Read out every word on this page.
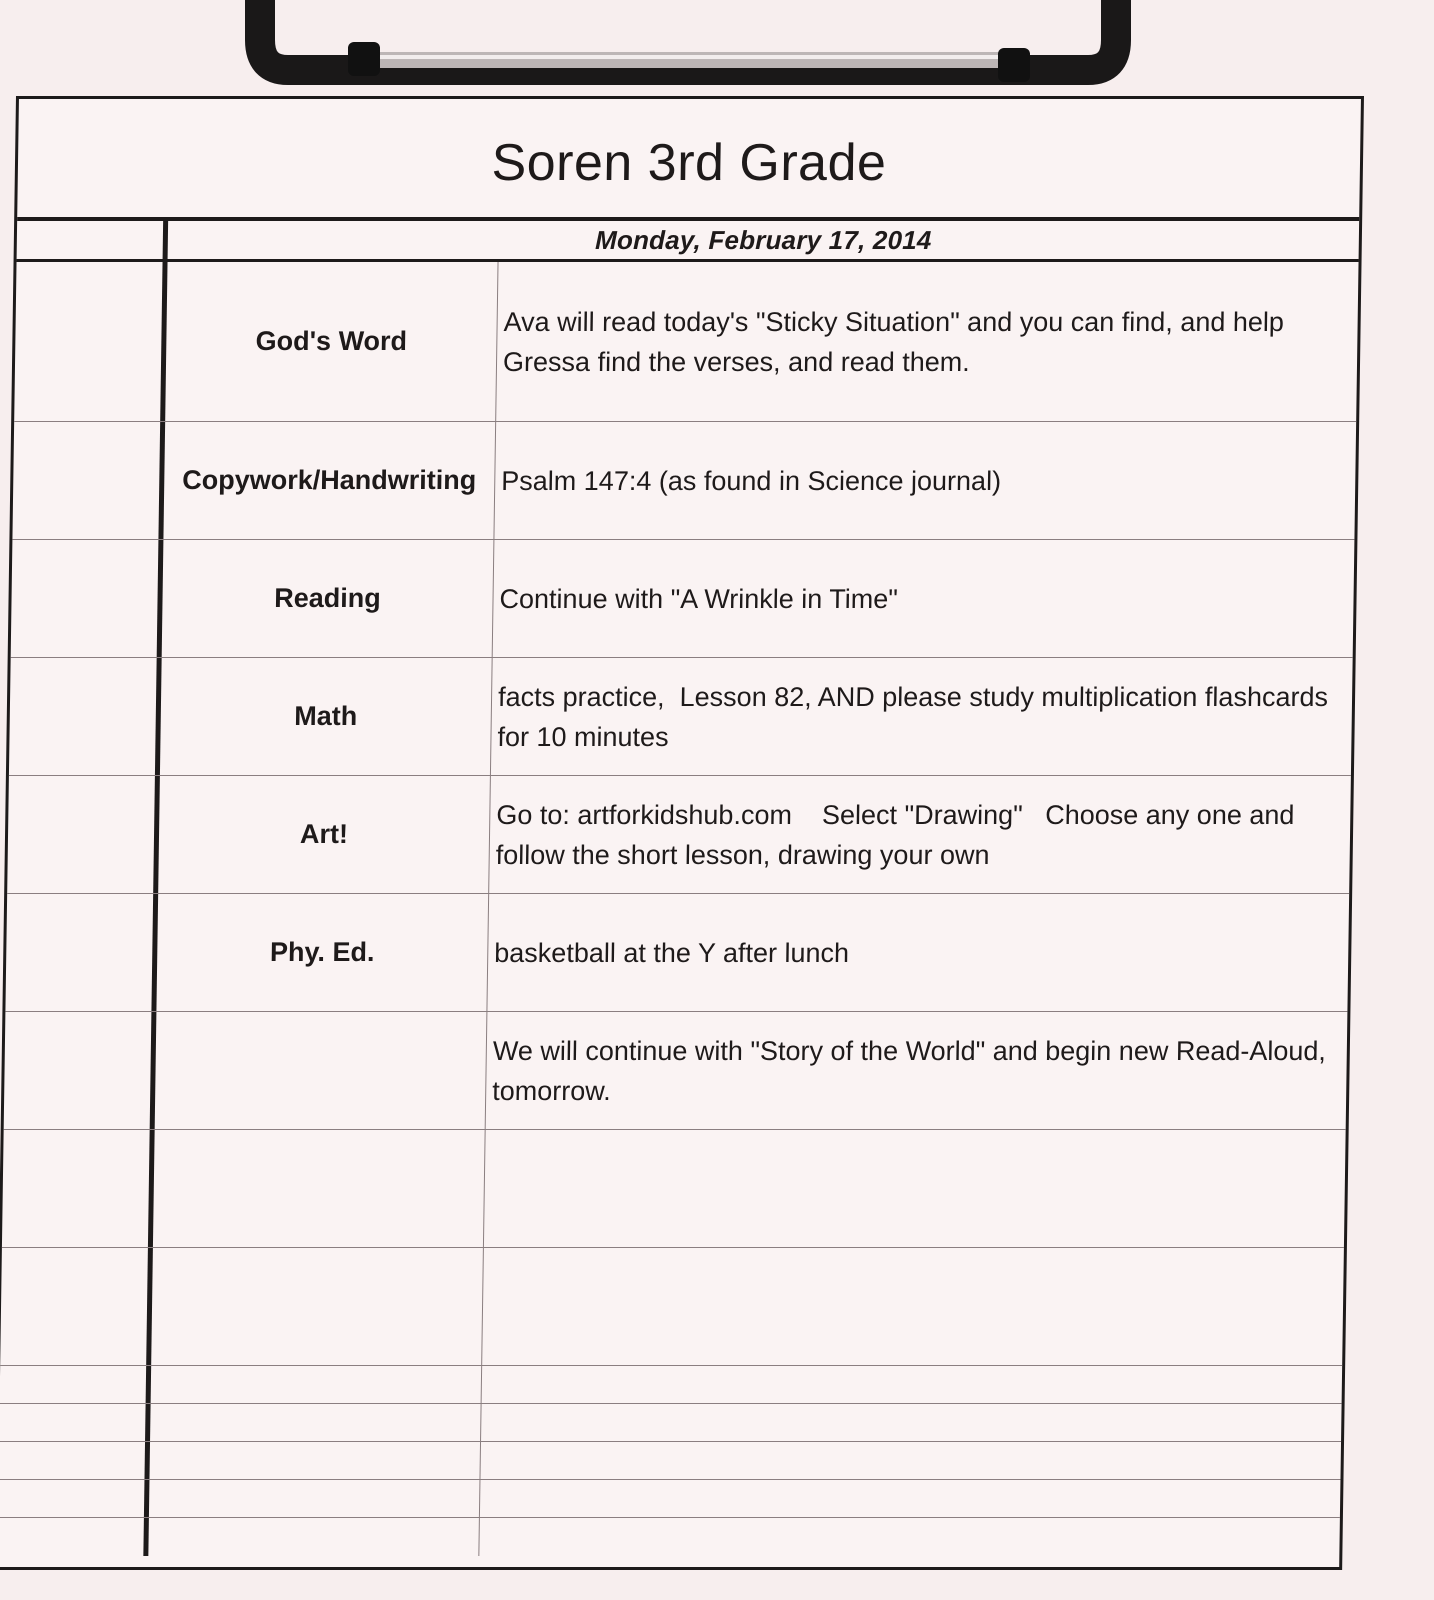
Soren 3rd Grade
Monday, February 17, 2014
God's Word
Ava will read today's "Sticky Situation" and you can find, and help Gressa find the verses, and read them.
Copywork/Handwriting Psalm 147:4 (as found in Science journal)
Reading	Continue with "A Wrinkle in Time"
Math
facts practice,  Lesson 82, AND please study multiplication flashcards for 10 minutes
Art!
Go to: artforkidshub.com    Select "Drawing"   Choose any one and follow the short lesson, drawing your own
Phy. Ed.	basketball at the Y after lunch
We will continue with "Story of the World" and begin new Read-Aloud, tomorrow.
